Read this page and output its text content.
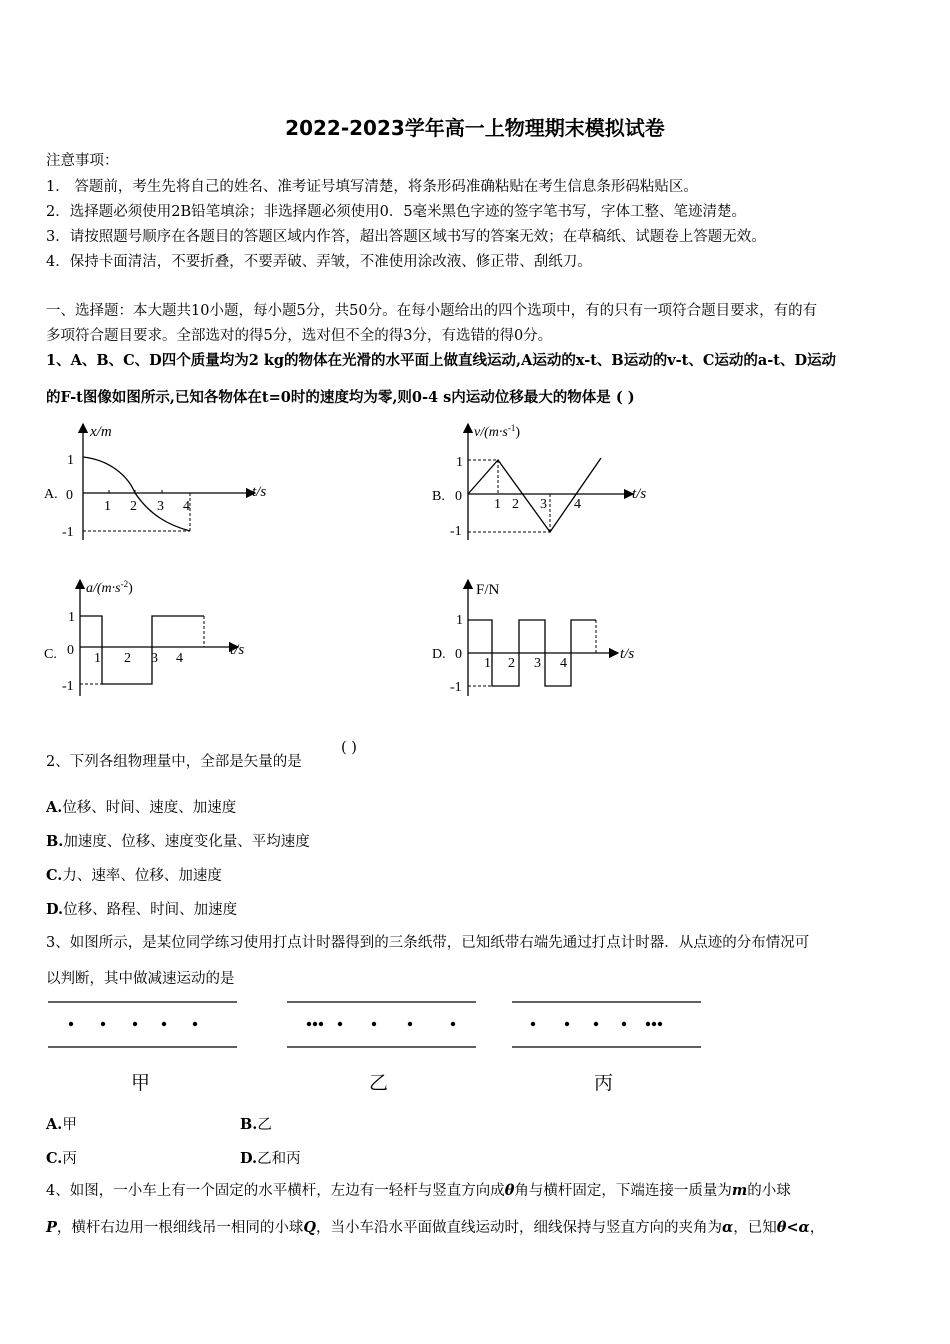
2022-2023学年高一上物理期末模拟试卷
注意事项：
1． 答题前，考生先将自己的姓名、准考证号填写清楚，将条形码准确粘贴在考生信息条形码粘贴区。
2．选择题必须使用2B铅笔填涂；非选择题必须使用0．5毫米黑色字迹的签字笔书写，字体工整、笔迹清楚。
3．请按照题号顺序在各题目的答题区域内作答，超出答题区域书写的答案无效；在草稿纸、试题卷上答题无效。
4．保持卡面清洁，不要折叠，不要弄破、弄皱，不准使用涂改液、修正带、刮纸刀。
一、选择题：本大题共10小题，每小题5分，共50分。在每小题给出的四个选项中，有的只有一项符合题目要求，有的有
多项符合题目要求。全部选对的得5分，选对但不全的得3分，有选错的得0分。
1、A、B、C、D四个质量均为2 kg的物体在光滑的水平面上做直线运动,A运动的x-t、B运动的v-t、C运动的a-t、D运动
的F-t图像如图所示,已知各物体在t=0时的速度均为零,则0-4 s内运动位移最大的物体是 ( )
x/m
t/s
A. 0
1
-1
1 2 3 4
$v/(m\cdot s^{-1})$
t/s
B. 0
1
-1
1 2 3 4
$a/(m\cdot s^{-2})$
t/s
C. 0
1
-1
1 2 3 4
F/N
t/s
D. 0
1
-1
1 2 3 4
2、下列各组物理量中，全部是矢量的是
( )
A.位移、时间、速度、加速度
B.加速度、位移、速度变化量、平均速度
C.力、速率、位移、加速度
D.位移、路程、时间、加速度
3、如图所示，是某位同学练习使用打点计时器得到的三条纸带，已知纸带右端先通过打点计时器．从点迹的分布情况可
以判断，其中做减速运动的是
甲	乙	丙
A.甲	B.乙
C.丙	D.乙和丙
4、如图，一小车上有一个固定的水平横杆，左边有一轻杆与竖直方向成θ角与横杆固定，下端连接一质量为m的小球
P，横杆右边用一根细线吊一相同的小球Q，当小车沿水平面做直线运动时，细线保持与竖直方向的夹角为α，已知θ<α，
